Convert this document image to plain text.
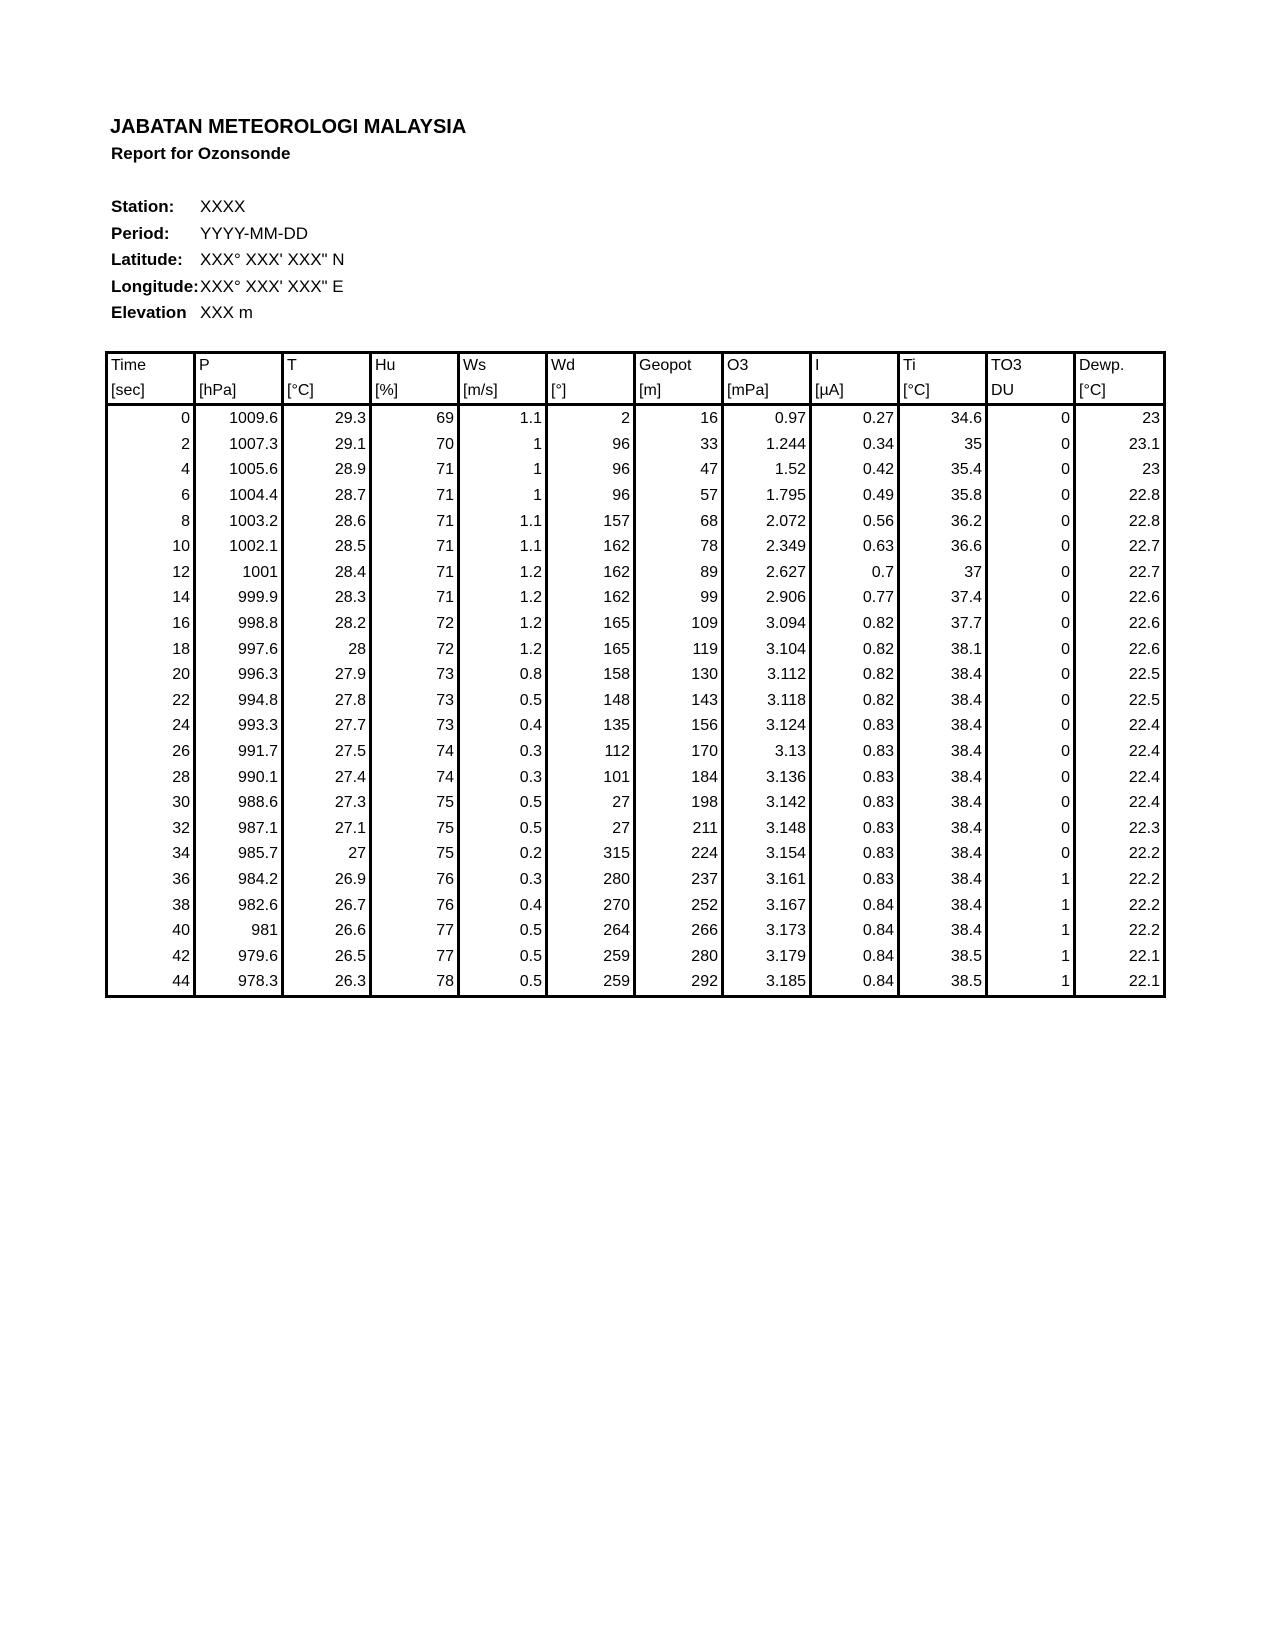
JABATAN METEOROLOGI MALAYSIA
Report for Ozonsonde
Station: XXXX
Period: YYYY-MM-DD
Latitude: XXX° XXX' XXX" N
Longitude:XXX° XXX' XXX" E
Elevation XXX m
Time	P	T	Hu	Ws	Wd	Geopot	O3	I	Ti	TO3	Dewp.
[sec]	[hPa]	[°C]	[%]	[m/s]	[°]	[m]	[mPa]	[µA]	[°C]	DU	[°C]
0	1009.6	29.3	69	1.1	2	16	0.97	0.27	34.6	0	23
2	1007.3	29.1	70	1	96	33	1.244	0.34	35	0	23.1
4	1005.6	28.9	71	1	96	47	1.52	0.42	35.4	0	23
6	1004.4	28.7	71	1	96	57	1.795	0.49	35.8	0	22.8
8	1003.2	28.6	71	1.1	157	68	2.072	0.56	36.2	0	22.8
10	1002.1	28.5	71	1.1	162	78	2.349	0.63	36.6	0	22.7
12	1001	28.4	71	1.2	162	89	2.627	0.7	37	0	22.7
14	999.9	28.3	71	1.2	162	99	2.906	0.77	37.4	0	22.6
16	998.8	28.2	72	1.2	165	109	3.094	0.82	37.7	0	22.6
18	997.6	28	72	1.2	165	119	3.104	0.82	38.1	0	22.6
20	996.3	27.9	73	0.8	158	130	3.112	0.82	38.4	0	22.5
22	994.8	27.8	73	0.5	148	143	3.118	0.82	38.4	0	22.5
24	993.3	27.7	73	0.4	135	156	3.124	0.83	38.4	0	22.4
26	991.7	27.5	74	0.3	112	170	3.13	0.83	38.4	0	22.4
28	990.1	27.4	74	0.3	101	184	3.136	0.83	38.4	0	22.4
30	988.6	27.3	75	0.5	27	198	3.142	0.83	38.4	0	22.4
32	987.1	27.1	75	0.5	27	211	3.148	0.83	38.4	0	22.3
34	985.7	27	75	0.2	315	224	3.154	0.83	38.4	0	22.2
36	984.2	26.9	76	0.3	280	237	3.161	0.83	38.4	1	22.2
38	982.6	26.7	76	0.4	270	252	3.167	0.84	38.4	1	22.2
40	981	26.6	77	0.5	264	266	3.173	0.84	38.4	1	22.2
42	979.6	26.5	77	0.5	259	280	3.179	0.84	38.5	1	22.1
44	978.3	26.3	78	0.5	259	292	3.185	0.84	38.5	1	22.1
